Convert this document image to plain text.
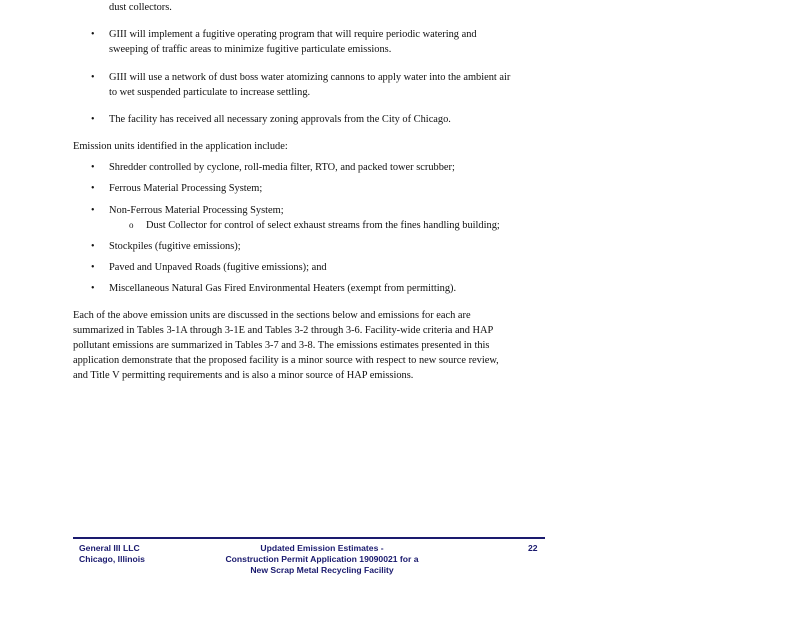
dust collectors.
• GIII will implement a fugitive operating program that will require periodic watering and
sweeping of traffic areas to minimize fugitive particulate emissions.
• GIII will use a network of dust boss water atomizing cannons to apply water into the ambient air
to wet suspended particulate to increase settling.
• The facility has received all necessary zoning approvals from the City of Chicago.
Emission units identified in the application include:
• Shredder controlled by cyclone, roll-media filter, RTO, and packed tower scrubber;
• Ferrous Material Processing System;
• Non-Ferrous Material Processing System;
o Dust Collector for control of select exhaust streams from the fines handling building;
• Stockpiles (fugitive emissions);
• Paved and Unpaved Roads (fugitive emissions); and
• Miscellaneous Natural Gas Fired Environmental Heaters (exempt from permitting).
Each of the above emission units are discussed in the sections below and emissions for each are
summarized in Tables 3-1A through 3-1E and Tables 3-2 through 3-6. Facility-wide criteria and HAP
pollutant emissions are summarized in Tables 3-7 and 3-8. The emissions estimates presented in this
application demonstrate that the proposed facility is a minor source with respect to new source review,
and Title V permitting requirements and is also a minor source of HAP emissions.
General III LLC
Chicago, Illinois
Updated Emission Estimates -
Construction Permit Application 19090021 for a
New Scrap Metal Recycling Facility
22
